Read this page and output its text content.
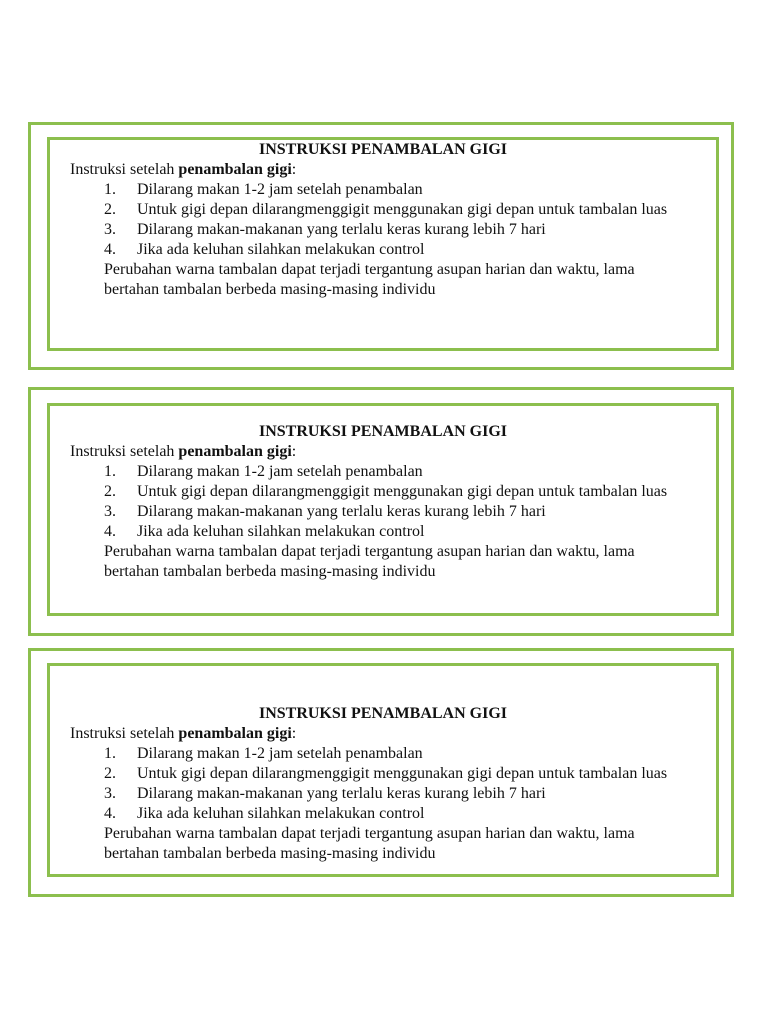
INSTRUKSI PENAMBALAN GIGI

Instruksi setelah penambalan gigi:

1. Dilarang makan 1-2 jam setelah penambalan
2. Untuk gigi depan dilarangmenggigit menggunakan gigi depan untuk tambalan luas
3. Dilarang makan-makanan yang terlalu keras kurang lebih 7 hari
4. Jika ada keluhan silahkan melakukan control

Perubahan warna tambalan dapat terjadi tergantung asupan harian dan waktu, lama bertahan tambalan berbeda masing-masing individu

INSTRUKSI PENAMBALAN GIGI

Instruksi setelah penambalan gigi:

1. Dilarang makan 1-2 jam setelah penambalan
2. Untuk gigi depan dilarangmenggigit menggunakan gigi depan untuk tambalan luas
3. Dilarang makan-makanan yang terlalu keras kurang lebih 7 hari
4. Jika ada keluhan silahkan melakukan control

Perubahan warna tambalan dapat terjadi tergantung asupan harian dan waktu, lama bertahan tambalan berbeda masing-masing individu

INSTRUKSI PENAMBALAN GIGI

Instruksi setelah penambalan gigi:

1. Dilarang makan 1-2 jam setelah penambalan
2. Untuk gigi depan dilarangmenggigit menggunakan gigi depan untuk tambalan luas
3. Dilarang makan-makanan yang terlalu keras kurang lebih 7 hari
4. Jika ada keluhan silahkan melakukan control

Perubahan warna tambalan dapat terjadi tergantung asupan harian dan waktu, lama bertahan tambalan berbeda masing-masing individu
